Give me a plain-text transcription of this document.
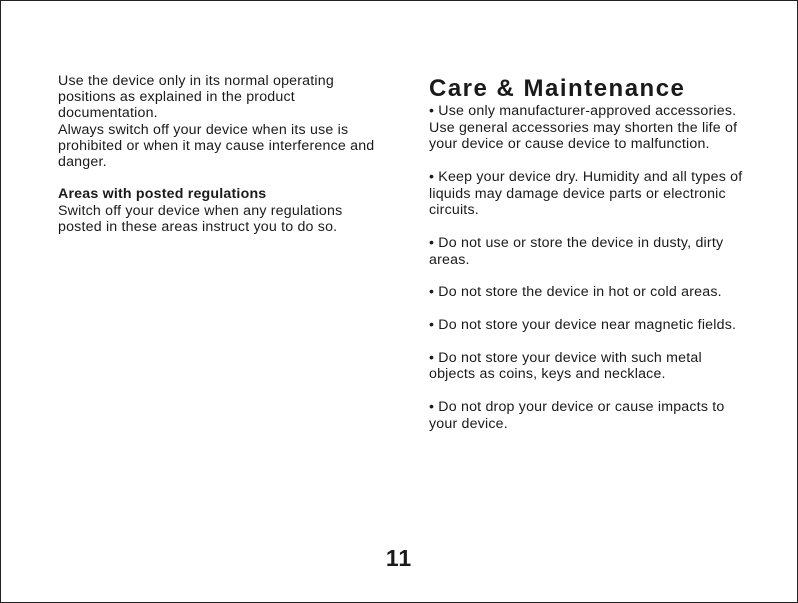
Use the device only in its normal operating positions as explained in the product documentation.

Always switch off your device when its use is prohibited or when it may cause interference and danger.

Areas with posted regulations

Switch off your device when any regulations posted in these areas instruct you to do so.

Care & Maintenance

• Use only manufacturer-approved accessories. Use general accessories may shorten the life of your device or cause device to malfunction.

• Keep your device dry. Humidity and all types of liquids may damage device parts or electronic circuits.

• Do not use or store the device in dusty, dirty areas.

• Do not store the device in hot or cold areas.

• Do not store your device near magnetic fields.

• Do not store your device with such metal objects as coins, keys and necklace.

• Do not drop your device or cause impacts to your device.

11
